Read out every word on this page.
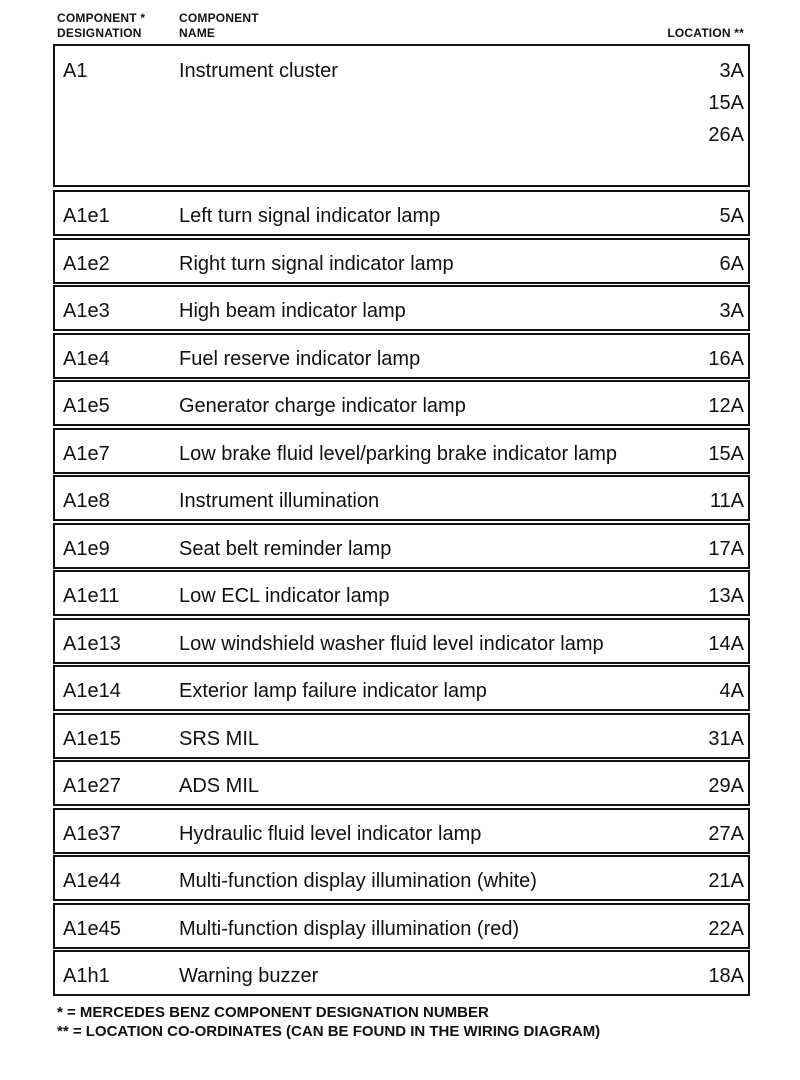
COMPONENT *
DESIGNATION
COMPONENT
NAME	LOCATION **
A1	Instrument cluster	3A
15A
26A
A1e1	Left turn signal indicator lamp	5A
A1e2	Right turn signal indicator lamp	6A
A1e3	High beam indicator lamp	3A
A1e4	Fuel reserve indicator lamp	16A
A1e5	Generator charge indicator lamp	12A
A1e7	Low brake fluid level/parking brake indicator lamp	15A
A1e8	Instrument illumination	11A
A1e9	Seat belt reminder lamp	17A
A1e11	Low ECL indicator lamp	13A
A1e13	Low windshield washer fluid level indicator lamp	14A
A1e14	Exterior lamp failure indicator lamp	4A
A1e15	SRS MIL	31A
A1e27	ADS MIL	29A
A1e37	Hydraulic fluid level indicator lamp	27A
A1e44	Multi-function display illumination (white)	21A
A1e45	Multi-function display illumination (red)	22A
A1h1	Warning buzzer	18A
* = MERCEDES BENZ COMPONENT DESIGNATION NUMBER
** = LOCATION CO-ORDINATES (CAN BE FOUND IN THE WIRING DIAGRAM)
